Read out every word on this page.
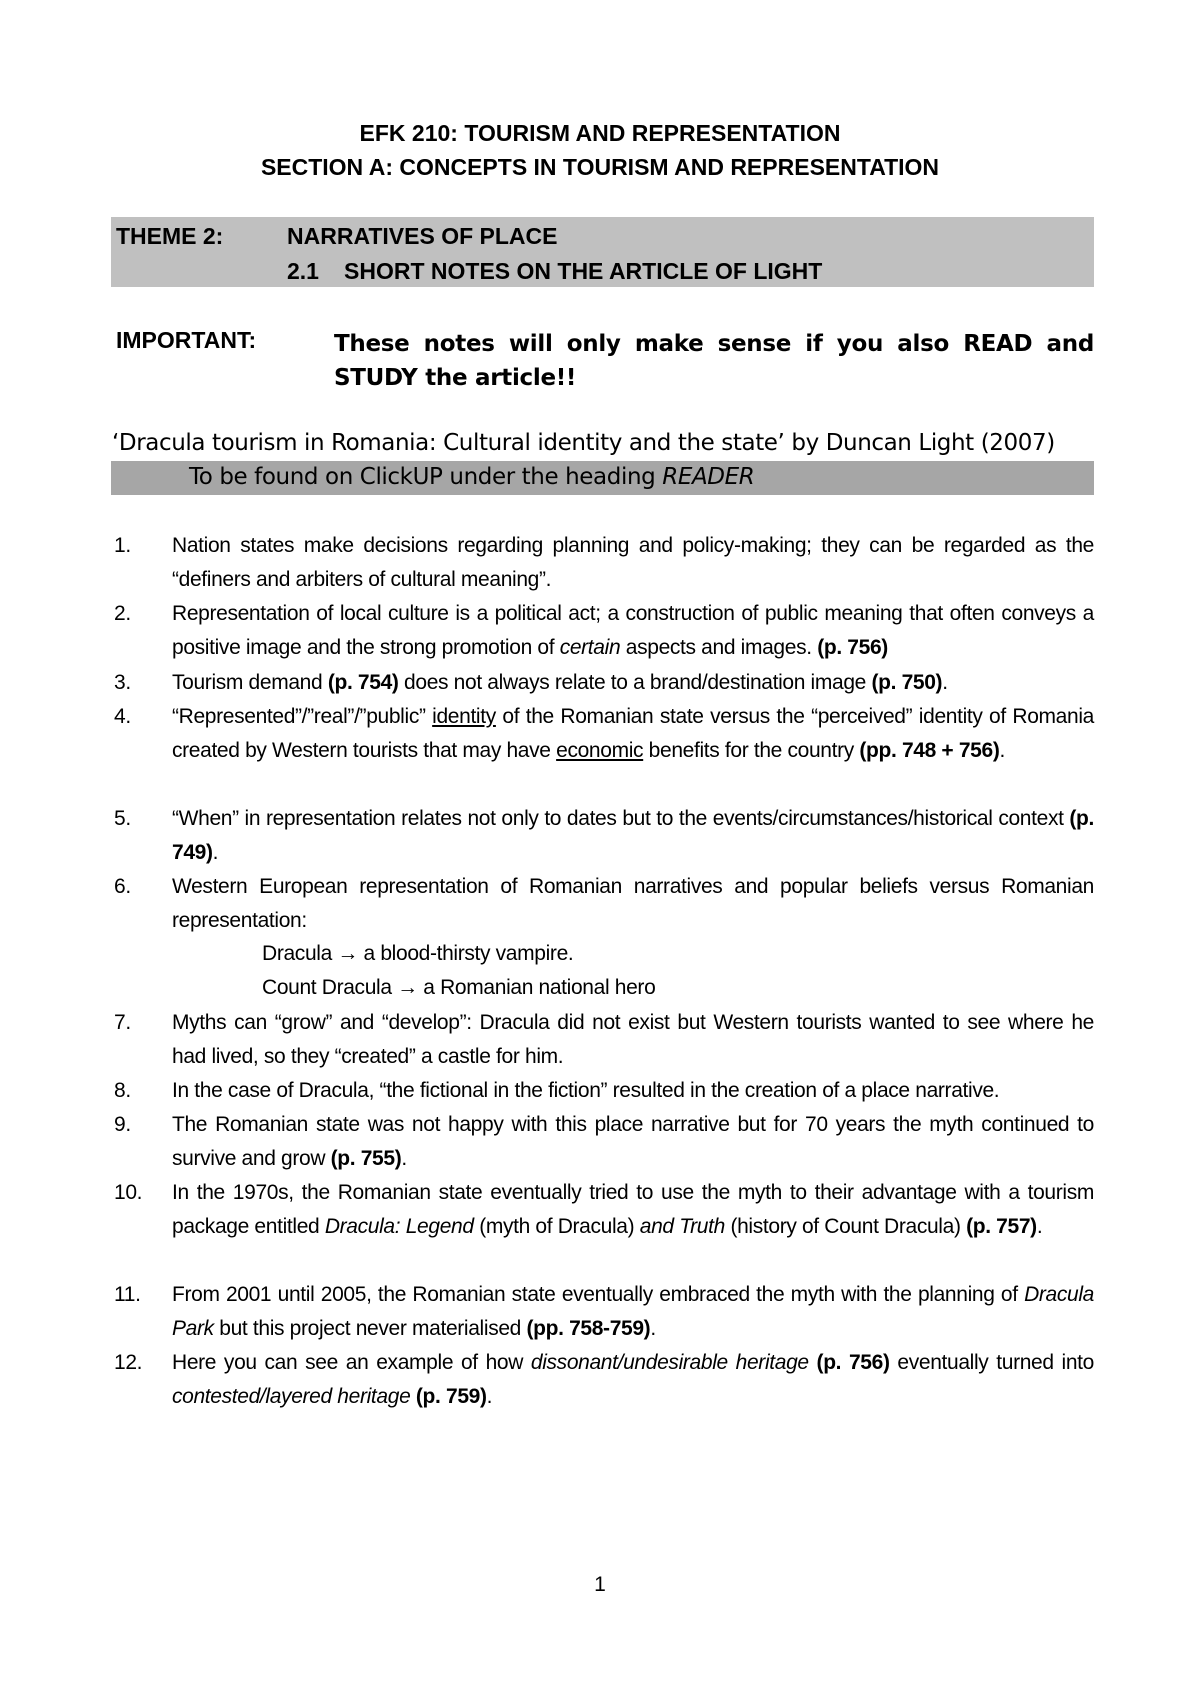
EFK 210: TOURISM AND REPRESENTATION
SECTION A: CONCEPTS IN TOURISM AND REPRESENTATION
THEME 2:	NARRATIVES OF PLACE
2.1 SHORT NOTES ON THE ARTICLE OF LIGHT
IMPORTANT:	These notes will only make sense if you also READ and STUDY the article!!
‘Dracula tourism in Romania: Cultural identity and the state’ by Duncan Light (2007)
To be found on ClickUP under the heading READER
1.	Nation states make decisions regarding planning and policy-making; they can be regarded as the “definers and arbiters of cultural meaning”.
2.	Representation of local culture is a political act; a construction of public meaning that often conveys a positive image and the strong promotion of certain aspects and images. (p. 756)
3.	Tourism demand (p. 754) does not always relate to a brand/destination image (p. 750).
4.	“Represented”/”real”/”public” identity of the Romanian state versus the “perceived” identity of Romania created by Western tourists that may have economic benefits for the country (pp. 748 + 756).
5.	“When” in representation relates not only to dates but to the events/circumstances/historical context (p. 749).
6.	Western European representation of Romanian narratives and popular beliefs versus Romanian representation:
7.	Myths can “grow” and “develop”: Dracula did not exist but Western tourists wanted to see where he had lived, so they “created” a castle for him.
8.	In the case of Dracula, “the fictional in the fiction” resulted in the creation of a place narrative.
9.	The Romanian state was not happy with this place narrative but for 70 years the myth continued to survive and grow (p. 755).
10.	In the 1970s, the Romanian state eventually tried to use the myth to their advantage with a tourism package entitled Dracula: Legend (myth of Dracula) and Truth (history of Count Dracula) (p. 757).
11.	From 2001 until 2005, the Romanian state eventually embraced the myth with the planning of Dracula Park but this project never materialised (pp. 758-759).
12.	Here you can see an example of how dissonant/undesirable heritage (p. 756) eventually turned into contested/layered heritage (p. 759).
Dracula → a blood-thirsty vampire.
Count Dracula → a Romanian national hero
1
